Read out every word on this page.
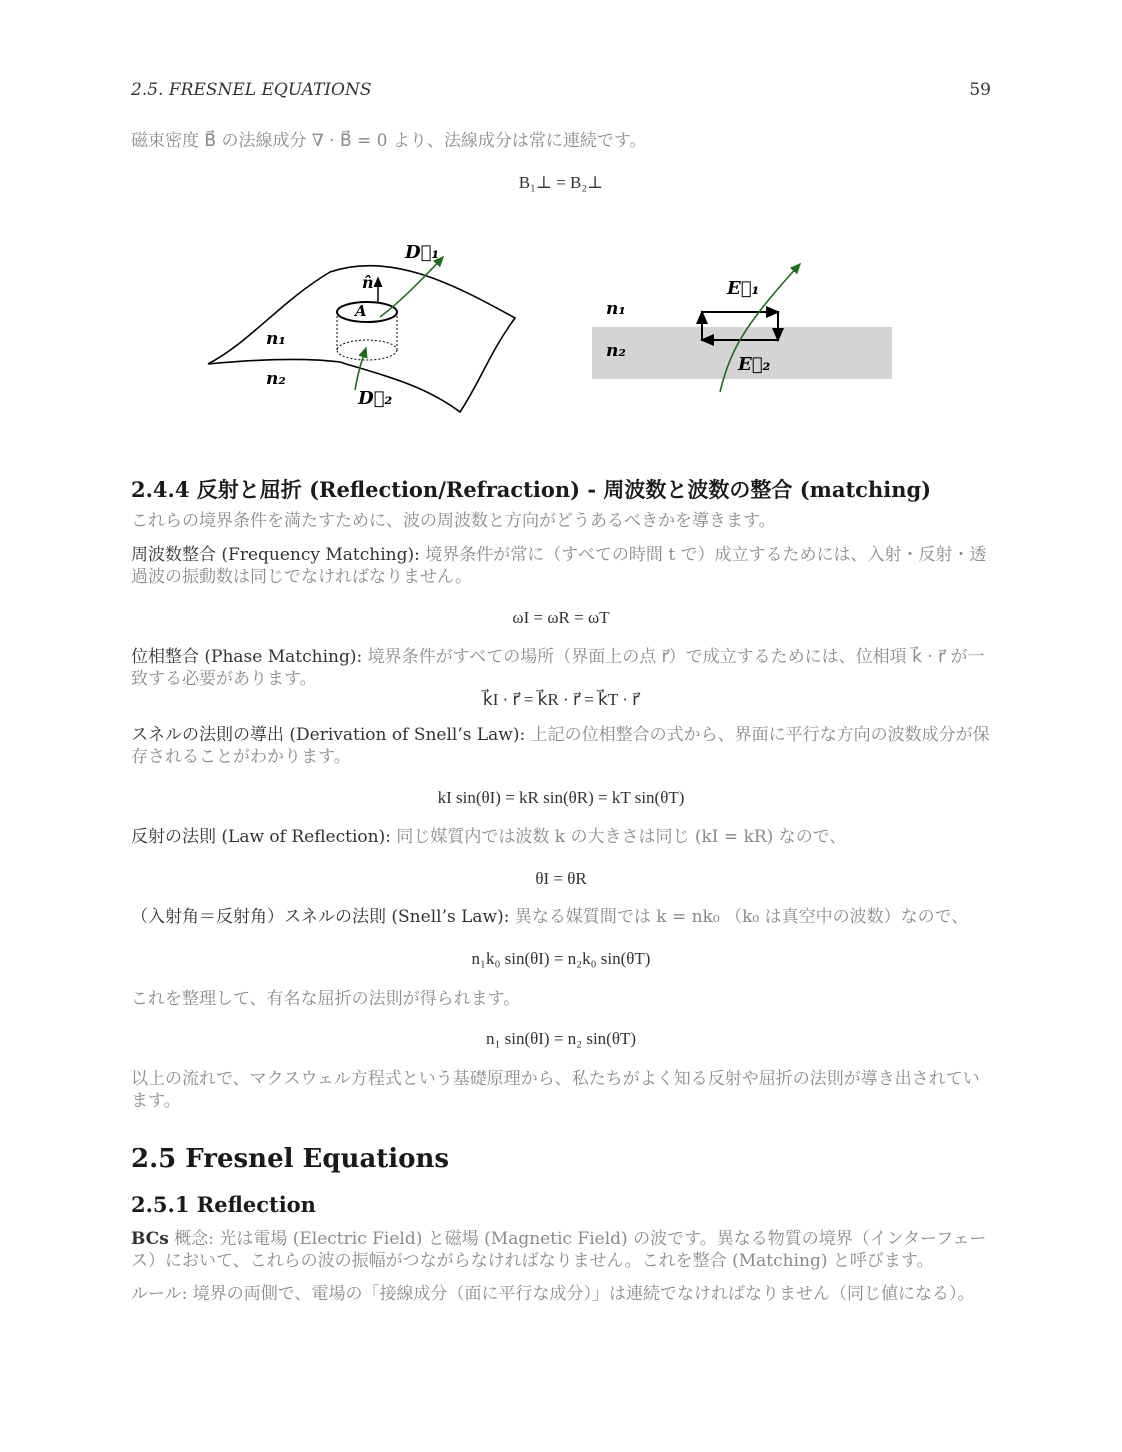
2.5. FRESNEL EQUATIONS	59
磁束密度 B⃗ の法線成分 ∇ · B⃗ = 0 より、法線成分は常に連続です。
B₁⊥ = B₂⊥
D⃗₁
D⃗₂
n̂
A
n₁
n₂
E⃗₁
E⃗₂
n₁
n₂
2.4.4 反射と屈折 (Reflection/Refraction) - 周波数と波数の整合 (matching)
これらの境界条件を満たすために、波の周波数と方向がどうあるべきかを導きます。
周波数整合 (Frequency Matching): 境界条件が常に（すべての時間 t で）成立するためには、入射・反射・透過波の振動数は同じでなければなりません。
ωI = ωR = ωT
位相整合 (Phase Matching): 境界条件がすべての場所（界面上の点 r⃗）で成立するためには、位相項 k⃗ · r⃗ が一致する必要があります。
k⃗I · r⃗ = k⃗R · r⃗ = k⃗T · r⃗
スネルの法則の導出 (Derivation of Snell’s Law): 上記の位相整合の式から、界面に平行な方向の波数成分が保存されることがわかります。
kI sin(θI) = kR sin(θR) = kT sin(θT)
反射の法則 (Law of Reflection): 同じ媒質内では波数 k の大きさは同じ (kI = kR) なので、
θI = θR
（入射角＝反射角）スネルの法則 (Snell’s Law): 異なる媒質間では k = nk₀ （k₀ は真空中の波数）なので、
n₁k₀ sin(θI) = n₂k₀ sin(θT)
これを整理して、有名な屈折の法則が得られます。
n₁ sin(θI) = n₂ sin(θT)
以上の流れで、マクスウェル方程式という基礎原理から、私たちがよく知る反射や屈折の法則が導き出されています。
2.5 Fresnel Equations
2.5.1 Reflection
BCs 概念: 光は電場 (Electric Field) と磁場 (Magnetic Field) の波です。異なる物質の境界（インターフェース）において、これらの波の振幅がつながらなければなりません。これを整合 (Matching) と呼びます。
ルール: 境界の両側で、電場の「接線成分（面に平行な成分）」は連続でなければなりません（同じ値になる）。
